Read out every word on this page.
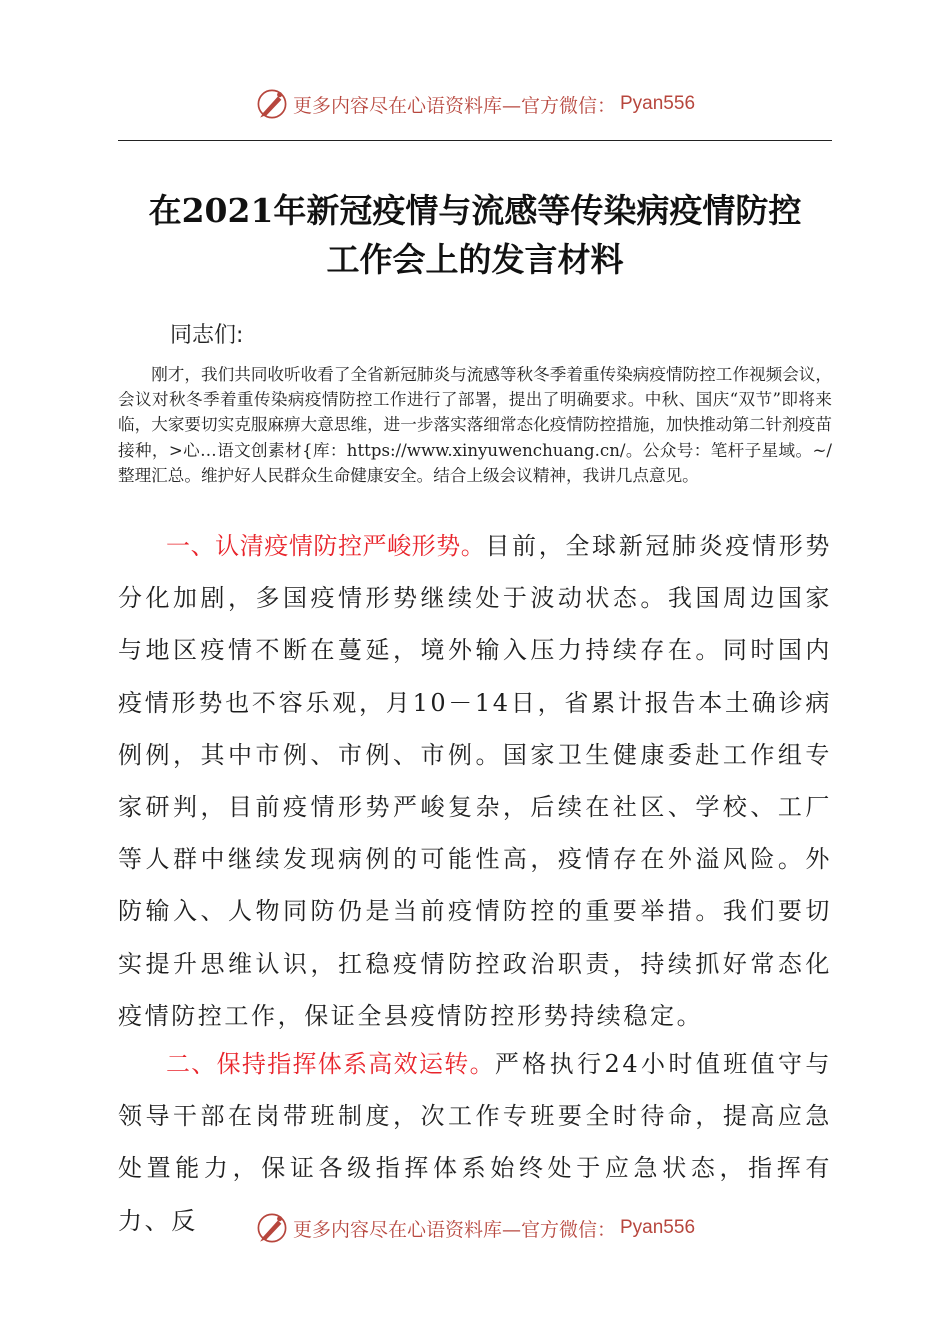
更多内容尽在心语资料库—官方微信： Pyan556
在2021年新冠疫情与流感等传染病疫情防控
工作会上的发言材料
同志们:
刚才，我们共同收听收看了全省新冠肺炎与流感等秋冬季着重传染病疫情防控工作视频会议，会议对秋冬季着重传染病疫情防控工作进行了部署，提出了明确要求。中秋、国庆“双节”即将来临，大家要切实克服麻痹大意思维，进一步落实落细常态化疫情防控措施，加快推动第二针剂疫苗接种，>心…语文创素材{库：https://www.xinyuwenchuang.cn/。公众号：笔杆子星域。~/整理汇总。维护好人民群众生命健康安全。结合上级会议精神，我讲几点意见。
一、认清疫情防控严峻形势。目前，全球新冠肺炎疫情形势分化加剧，多国疫情形势继续处于波动状态。我国周边国家与地区疫情不断在蔓延，境外输入压力持续存在。同时国内疫情形势也不容乐观，月10－14日，省累计报告本土确诊病例例，其中市例、市例、市例。国家卫生健康委赴工作组专家研判，目前疫情形势严峻复杂，后续在社区、学校、工厂等人群中继续发现病例的可能性高，疫情存在外溢风险。外防输入、人物同防仍是当前疫情防控的重要举措。我们要切实提升思维认识，扛稳疫情防控政治职责，持续抓好常态化疫情防控工作，保证全县疫情防控形势持续稳定。
二、保持指挥体系高效运转。严格执行24小时值班值守与领导干部在岗带班制度，次工作专班要全时待命，提高应急处置能力，保证各级指挥体系始终处于应急状态，指挥有力、反	更多内容尽在心语资料库—官方微信： Pyan556
